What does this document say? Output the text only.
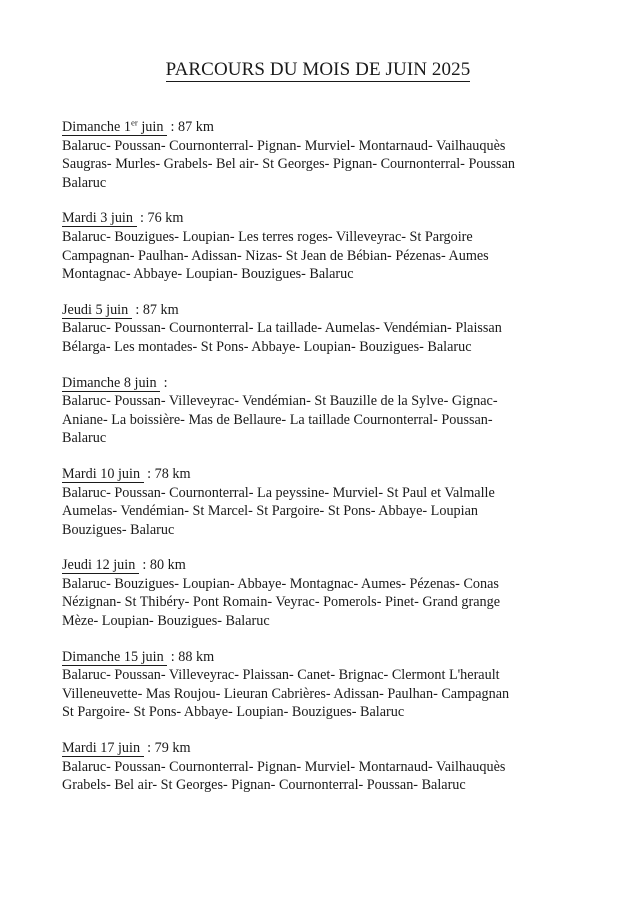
PARCOURS DU MOIS DE JUIN 2025
Dimanche 1er juin  : 87 km
Balaruc- Poussan- Cournonterral- Pignan- Murviel- Montarnaud- Vailhauquès
Saugras- Murles- Grabels- Bel air- St Georges- Pignan- Cournonterral- Poussan
Balaruc
Mardi 3 juin  : 76 km
Balaruc- Bouzigues- Loupian- Les terres roges- Villeveyrac- St Pargoire
Campagnan- Paulhan- Adissan- Nizas- St Jean de Bébian- Pézenas- Aumes
Montagnac- Abbaye- Loupian- Bouzigues- Balaruc
Jeudi 5 juin  : 87 km
Balaruc- Poussan- Cournonterral- La taillade- Aumelas- Vendémian- Plaissan
Bélarga- Les montades- St Pons- Abbaye- Loupian- Bouzigues- Balaruc
Dimanche 8 juin  :
Balaruc- Poussan- Villeveyrac- Vendémian- St Bauzille de la Sylve- Gignac-
Aniane- La boissière- Mas de Bellaure- La taillade Cournonterral- Poussan-
Balaruc
Mardi 10 juin  : 78 km
Balaruc- Poussan- Cournonterral- La peyssine- Murviel- St Paul et Valmalle
Aumelas- Vendémian- St Marcel- St Pargoire- St Pons- Abbaye- Loupian
Bouzigues- Balaruc
Jeudi 12 juin  : 80 km
Balaruc- Bouzigues- Loupian- Abbaye- Montagnac- Aumes- Pézenas- Conas
Nézignan- St Thibéry- Pont Romain- Veyrac- Pomerols- Pinet- Grand grange
Mèze- Loupian- Bouzigues- Balaruc
Dimanche 15 juin  : 88 km
Balaruc- Poussan- Villeveyrac- Plaissan- Canet- Brignac- Clermont L'herault
Villeneuvette- Mas Roujou- Lieuran Cabrières- Adissan- Paulhan- Campagnan
St Pargoire- St Pons- Abbaye- Loupian- Bouzigues- Balaruc
Mardi 17 juin  : 79 km
Balaruc- Poussan- Cournonterral- Pignan- Murviel- Montarnaud- Vailhauquès
Grabels- Bel air- St Georges- Pignan- Cournonterral- Poussan- Balaruc
